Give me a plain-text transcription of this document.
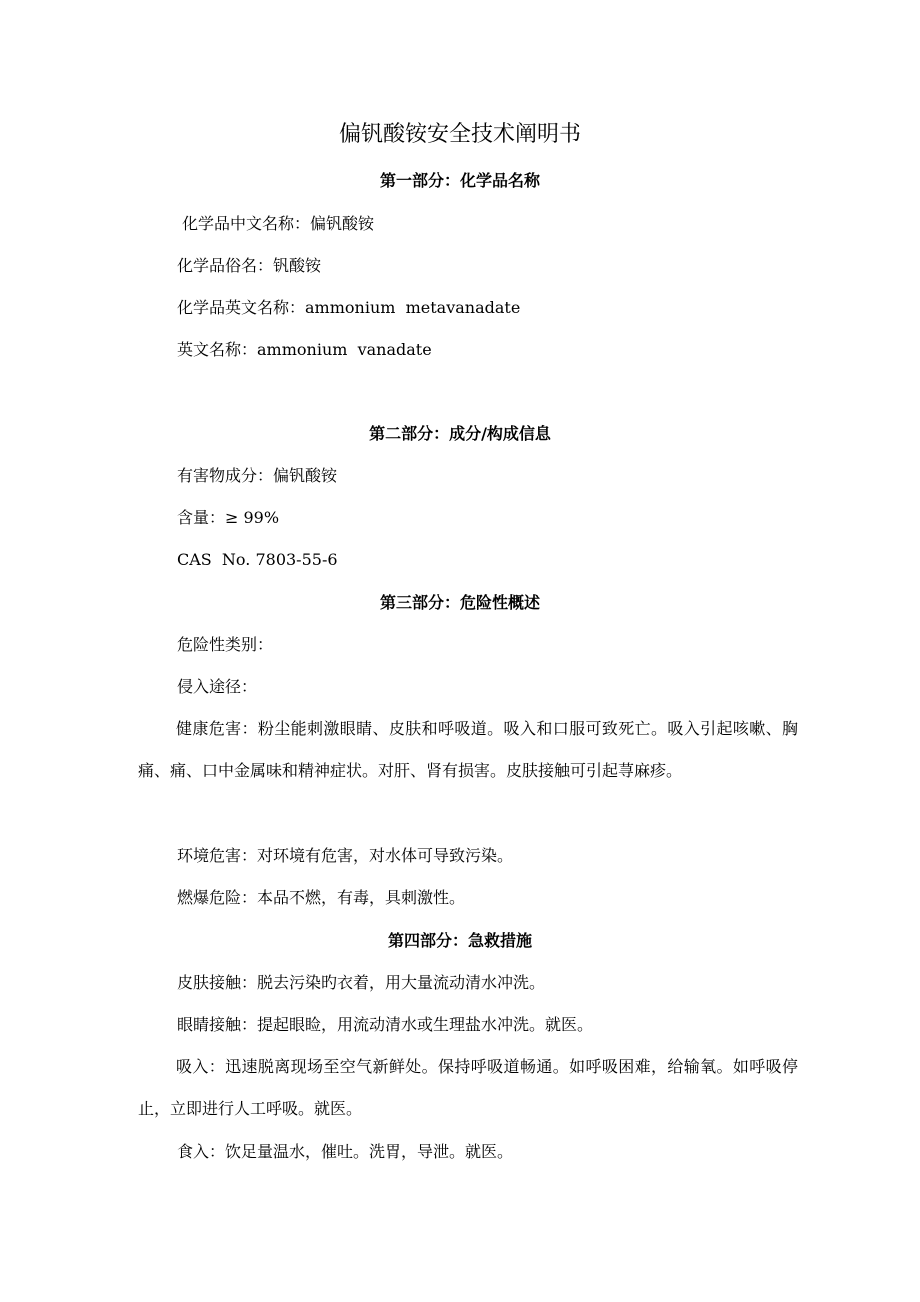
偏钒酸铵安全技术阐明书
第一部分：化学品名称
化学品中文名称：偏钒酸铵
化学品俗名：钒酸铵
化学品英文名称：ammonium  metavanadate
英文名称：ammonium  vanadate
第二部分：成分/构成信息
有害物成分：偏钒酸铵
含量：≥ 99%
CAS  No. 7803-55-6
第三部分：危险性概述
危险性类别：
侵入途径：
健康危害：粉尘能刺激眼睛、皮肤和呼吸道。吸入和口服可致死亡。吸入引起咳嗽、胸痛、痛、口中金属味和精神症状。对肝、肾有损害。皮肤接触可引起荨麻疹。
环境危害：对环境有危害，对水体可导致污染。
燃爆危险：本品不燃，有毒，具刺激性。
第四部分：急救措施
皮肤接触：脱去污染旳衣着，用大量流动清水冲洗。
眼睛接触：提起眼睑，用流动清水或生理盐水冲洗。就医。
吸入：迅速脱离现场至空气新鲜处。保持呼吸道畅通。如呼吸困难，给输氧。如呼吸停止，立即进行人工呼吸。就医。
食入：饮足量温水，催吐。洗胃，导泄。就医。
